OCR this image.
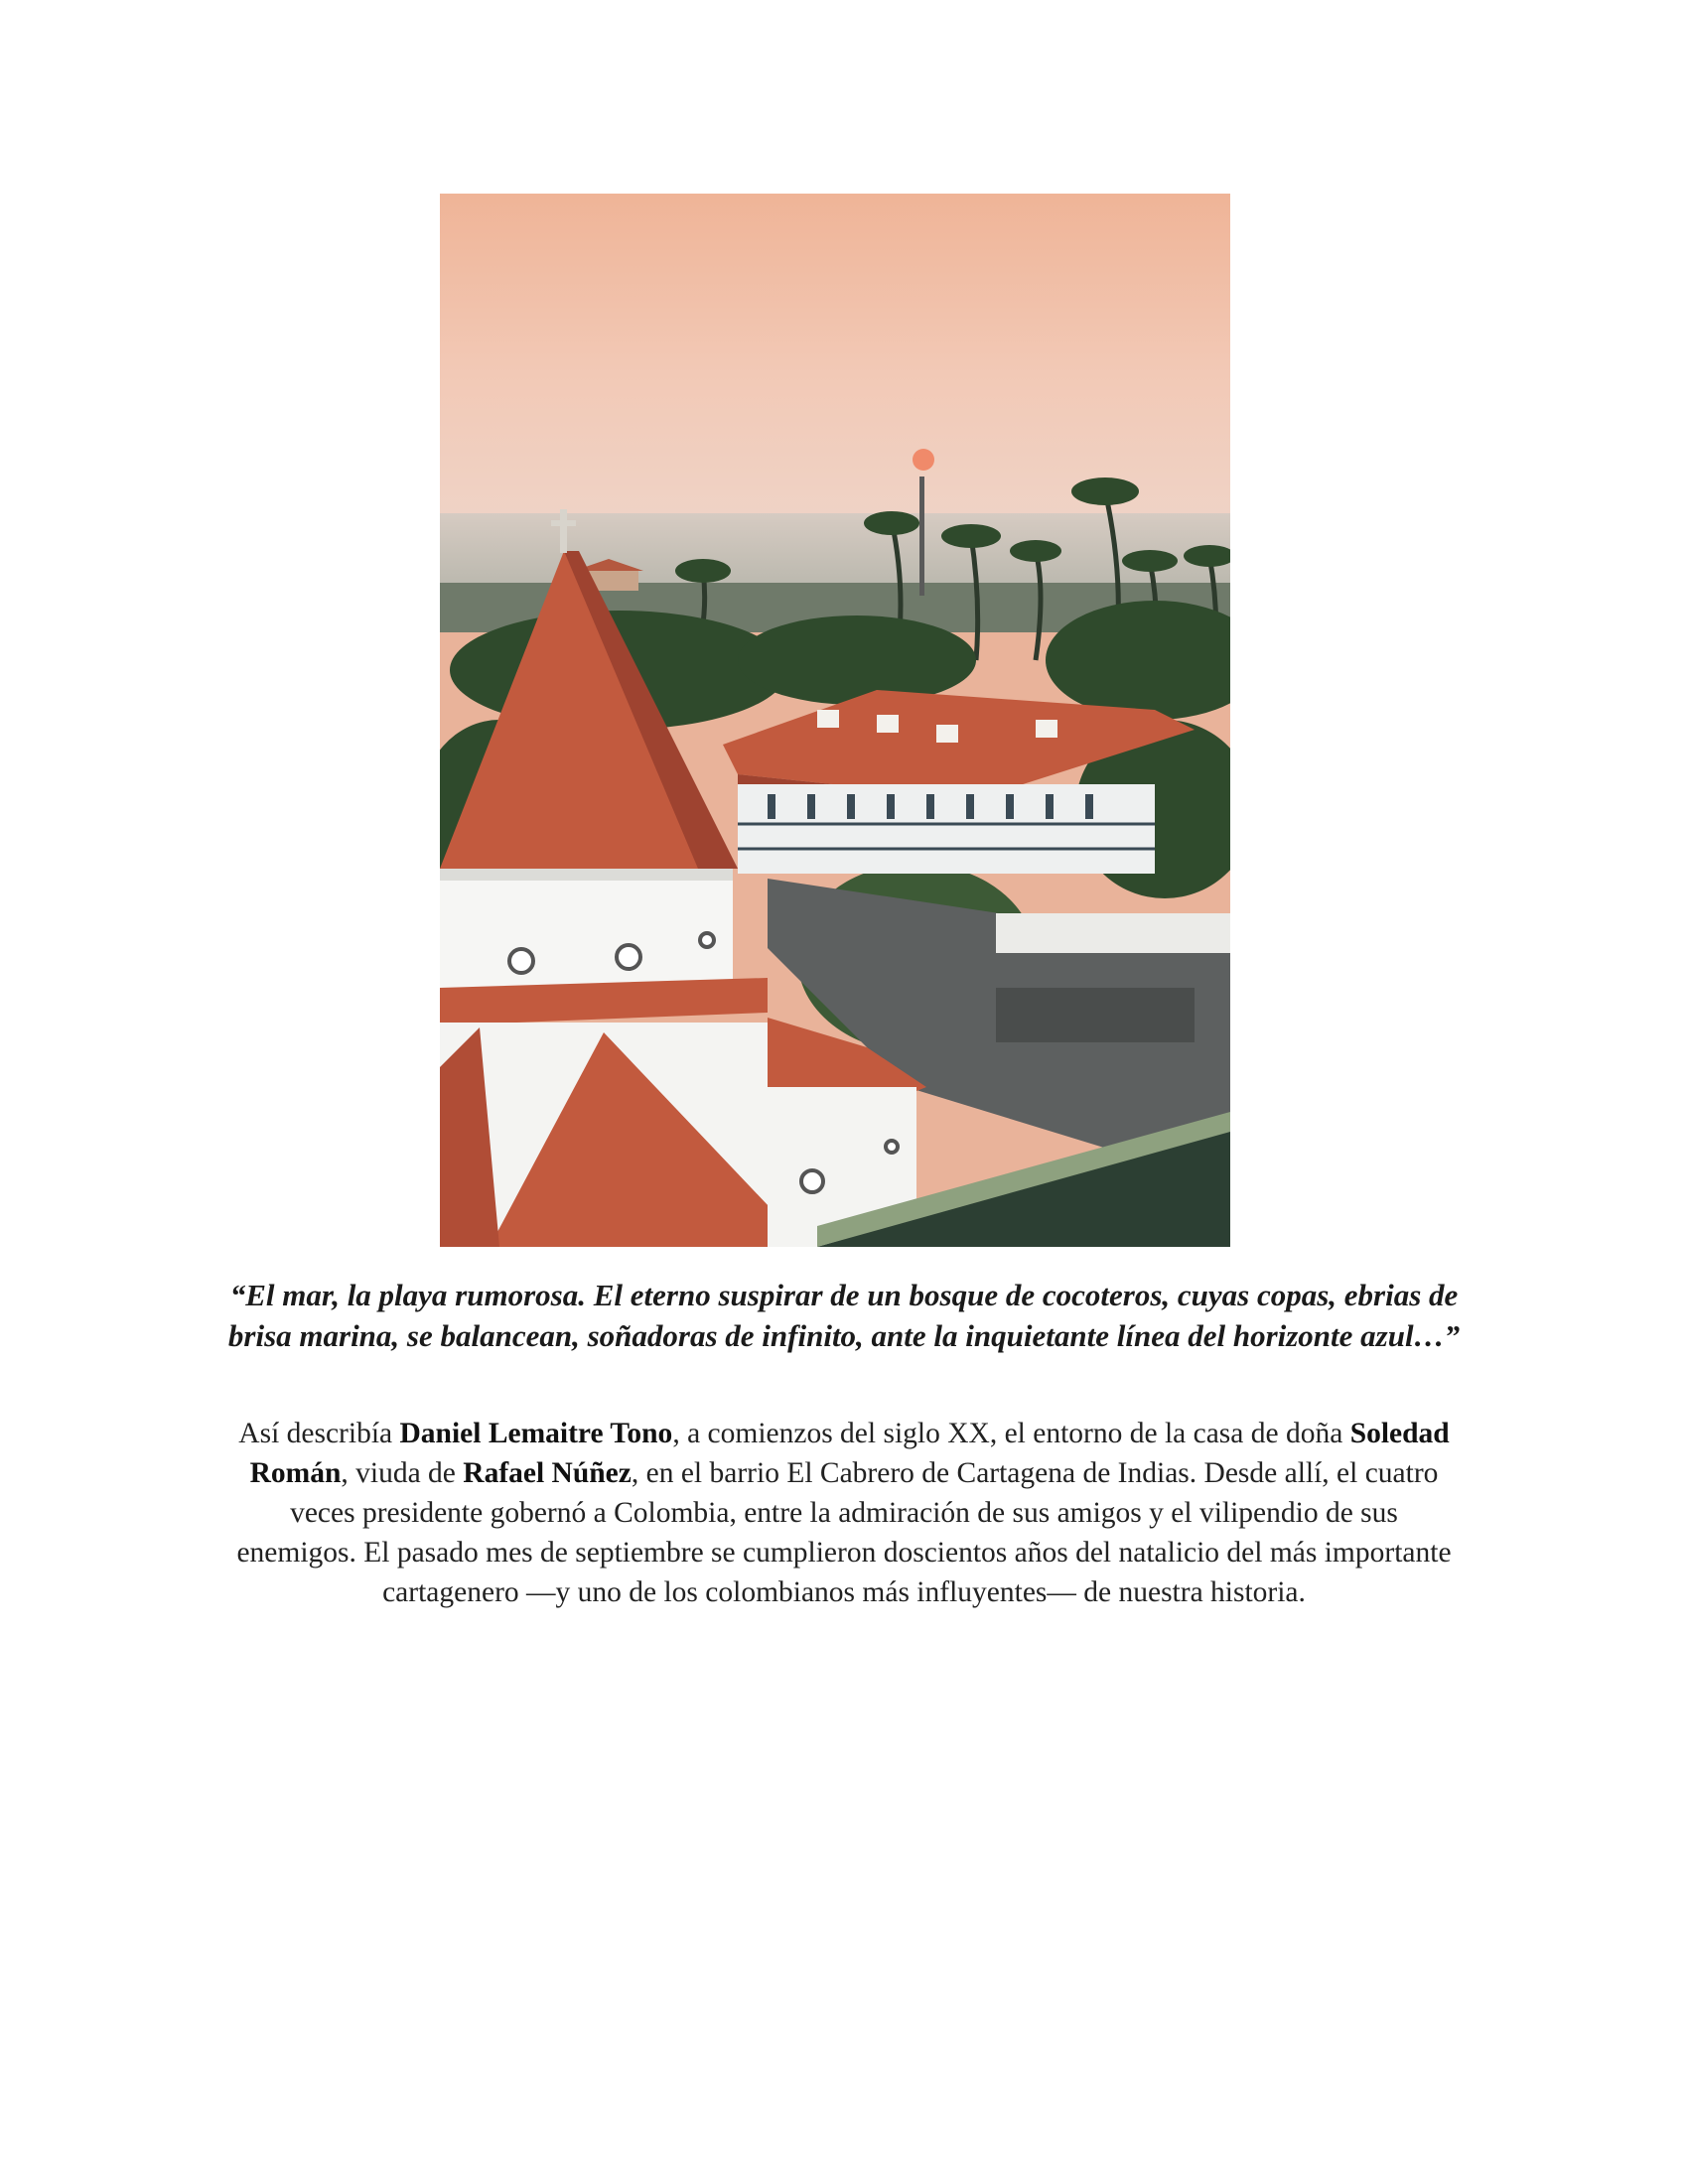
“El mar, la playa rumorosa. El eterno suspirar de un bosque de cocoteros, cuyas copas, ebrias de brisa marina, se balancean, soñadoras de infinito, ante la inquietante línea del horizonte azul…”

Así describía Daniel Lemaitre Tono, a comienzos del siglo XX, el entorno de la casa de doña Soledad Román, viuda de Rafael Núñez, en el barrio El Cabrero de Cartagena de Indias. Desde allí, el cuatro veces presidente gobernó a Colombia, entre la admiración de sus amigos y el vilipendio de sus enemigos. El pasado mes de septiembre se cumplieron doscientos años del natalicio del más importante cartagenero —y uno de los colombianos más influyentes— de nuestra historia.
